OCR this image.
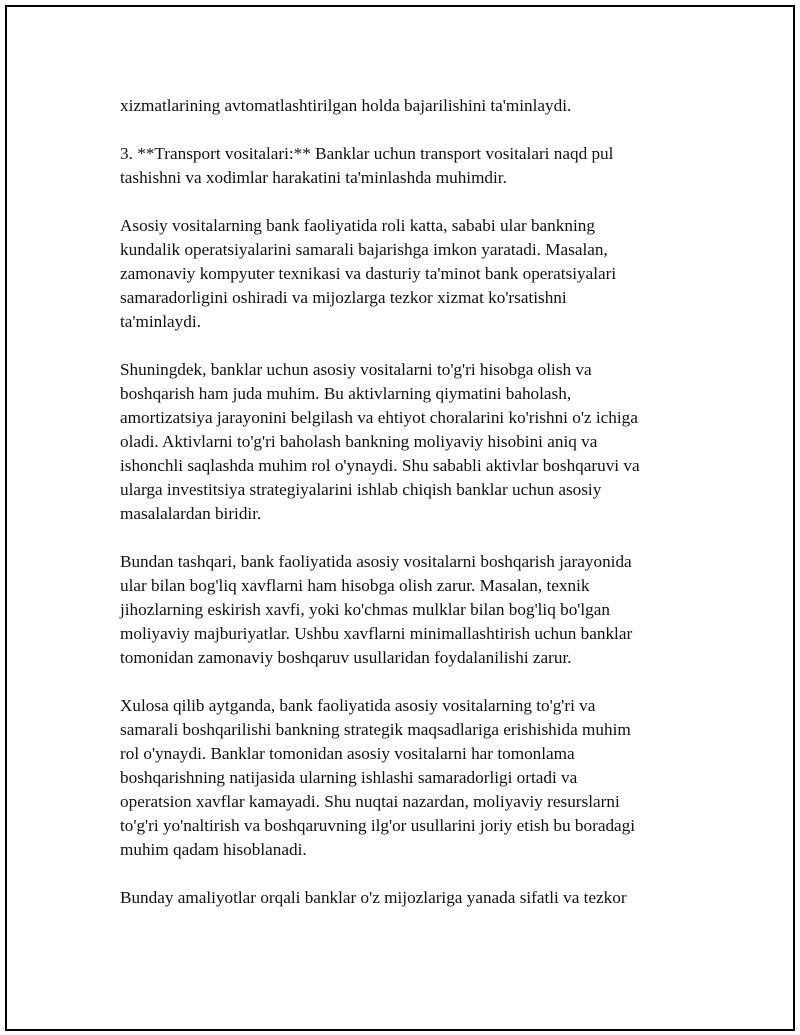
xizmatlarining avtomatlashtirilgan holda bajarilishini ta'minlaydi.

3. **Transport vositalari:** Banklar uchun transport vositalari naqd pul
tashishni va xodimlar harakatini ta'minlashda muhimdir.

Asosiy vositalarning bank faoliyatida roli katta, sababi ular bankning
kundalik operatsiyalarini samarali bajarishga imkon yaratadi. Masalan,
zamonaviy kompyuter texnikasi va dasturiy ta'minot bank operatsiyalari
samaradorligini oshiradi va mijozlarga tezkor xizmat ko'rsatishni
ta'minlaydi.

Shuningdek, banklar uchun asosiy vositalarni to'g'ri hisobga olish va
boshqarish ham juda muhim. Bu aktivlarning qiymatini baholash,
amortizatsiya jarayonini belgilash va ehtiyot choralarini ko'rishni o'z ichiga
oladi. Aktivlarni to'g'ri baholash bankning moliyaviy hisobini aniq va
ishonchli saqlashda muhim rol o'ynaydi. Shu sababli aktivlar boshqaruvi va
ularga investitsiya strategiyalarini ishlab chiqish banklar uchun asosiy
masalalardan biridir.

Bundan tashqari, bank faoliyatida asosiy vositalarni boshqarish jarayonida
ular bilan bog'liq xavflarni ham hisobga olish zarur. Masalan, texnik
jihozlarning eskirish xavfi, yoki ko'chmas mulklar bilan bog'liq bo'lgan
moliyaviy majburiyatlar. Ushbu xavflarni minimallashtirish uchun banklar
tomonidan zamonaviy boshqaruv usullaridan foydalanilishi zarur.

Xulosa qilib aytganda, bank faoliyatida asosiy vositalarning to'g'ri va
samarali boshqarilishi bankning strategik maqsadlariga erishishida muhim
rol o'ynaydi. Banklar tomonidan asosiy vositalarni har tomonlama
boshqarishning natijasida ularning ishlashi samaradorligi ortadi va
operatsion xavflar kamayadi. Shu nuqtai nazardan, moliyaviy resurslarni
to'g'ri yo'naltirish va boshqaruvning ilg'or usullarini joriy etish bu boradagi
muhim qadam hisoblanadi.

Bunday amaliyotlar orqali banklar o'z mijozlariga yanada sifatli va tezkor
